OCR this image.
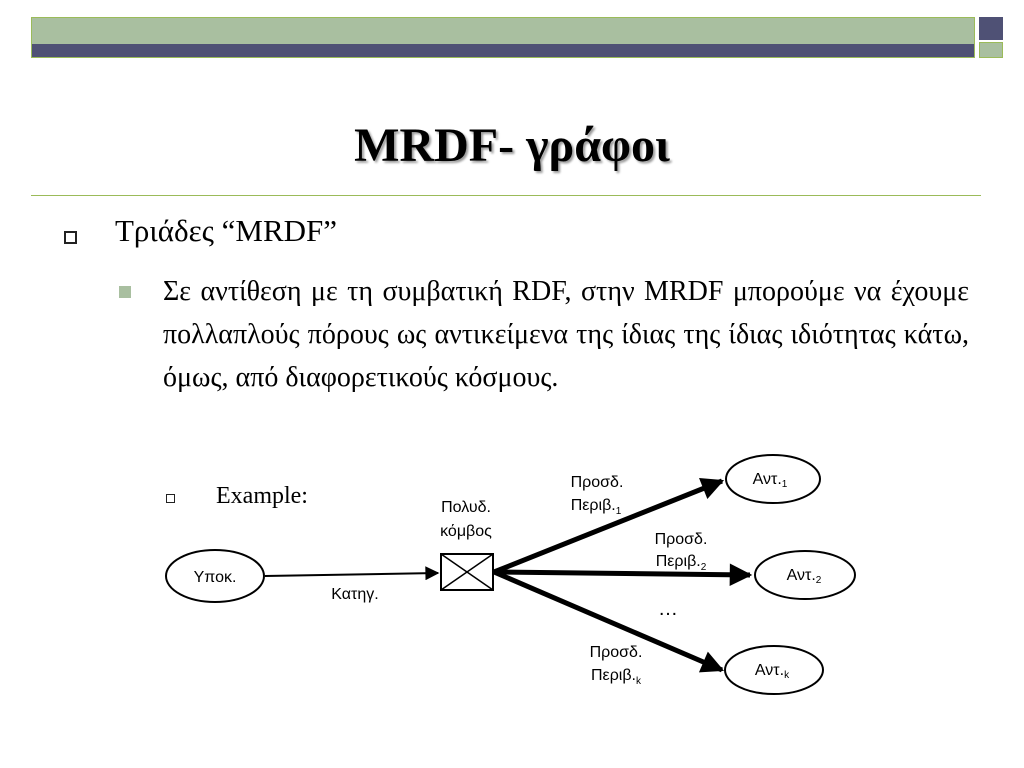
MRDF- γράφοι
Τριάδες “MRDF”
Σε αντίθεση με τη συμβατική RDF, στην MRDF μπορούμε να έχουμε πολλαπλούς πόρους ως αντικείμενα της ίδιας της ίδιας ιδιότητας κάτω, όμως, από διαφορετικούς κόσμους.
Example:
Υποκ.
Κατηγ.
Πολυδ.
κόμβος
Προσδ.
$\Pi\varepsilon\rho\iota\beta._1$
Προσδ.
$\Pi\varepsilon\rho\iota\beta._2$
…
Προσδ.
$\Pi\varepsilon\rho\iota\beta._k$
Αντ.1
Αντ.2
Αντ.k
